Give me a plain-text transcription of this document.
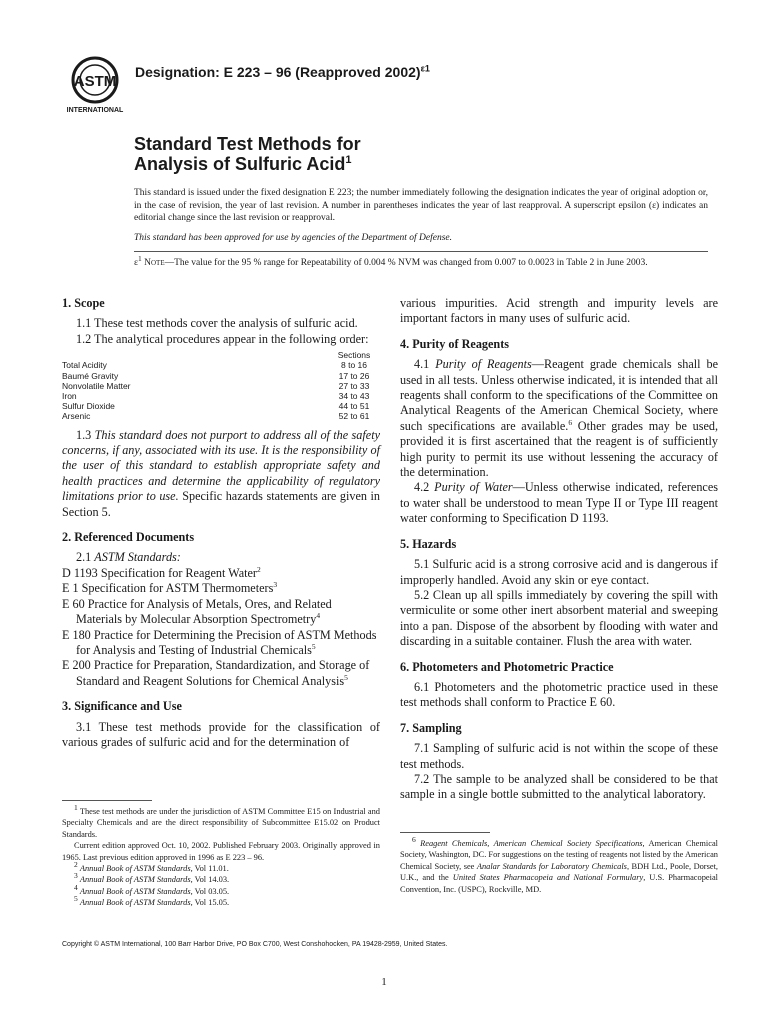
ASTM
INTERNATIONAL
Designation: E 223 – 96 (Reapproved 2002)$^{\varepsilon 1}$
Standard Test Methods for
Analysis of Sulfuric Acid$^1$
This standard is issued under the fixed designation E 223; the number immediately following the designation indicates the year of original adoption or, in the case of revision, the year of last revision. A number in parentheses indicates the year of last reapproval. A superscript epsilon (ε) indicates an editorial change since the last revision or reapproval.
This standard has been approved for use by agencies of the Department of Defense.
$\varepsilon^1$ Note—The value for the 95 % range for Repeatability of 0.004 % NVM was changed from 0.007 to 0.0023 in Table 2 in June 2003.
1. Scope
1.1 These test methods cover the analysis of sulfuric acid.
1.2 The analytical procedures appear in the following order:
Sections
Total Acidity	8 to 16
Baumé Gravity	17 to 26
Nonvolatile Matter	27 to 33
Iron	34 to 43
Sulfur Dioxide	44 to 51
Arsenic	52 to 61
1.3 This standard does not purport to address all of the safety concerns, if any, associated with its use. It is the responsibility of the user of this standard to establish appropriate safety and health practices and determine the applicability of regulatory limitations prior to use. Specific hazards statements are given in Section 5.
2. Referenced Documents
2.1 ASTM Standards:
D 1193 Specification for Reagent Water$^2$
E 1 Specification for ASTM Thermometers$^3$
E 60 Practice for Analysis of Metals, Ores, and Related Materials by Molecular Absorption Spectrometry$^4$
E 180 Practice for Determining the Precision of ASTM Methods for Analysis and Testing of Industrial Chemicals$^5$
E 200 Practice for Preparation, Standardization, and Storage of Standard and Reagent Solutions for Chemical Analysis$^5$
3. Significance and Use
3.1 These test methods provide for the classification of various grades of sulfuric acid and for the determination of
various impurities. Acid strength and impurity levels are important factors in many uses of sulfuric acid.
4. Purity of Reagents
4.1 Purity of Reagents—Reagent grade chemicals shall be used in all tests. Unless otherwise indicated, it is intended that all reagents shall conform to the specifications of the Committee on Analytical Reagents of the American Chemical Society, where such specifications are available.$^6$ Other grades may be used, provided it is first ascertained that the reagent is of sufficiently high purity to permit its use without lessening the accuracy of the determination.
4.2 Purity of Water—Unless otherwise indicated, references to water shall be understood to mean Type II or Type III reagent water conforming to Specification D 1193.
5. Hazards
5.1 Sulfuric acid is a strong corrosive acid and is dangerous if improperly handled. Avoid any skin or eye contact.
5.2 Clean up all spills immediately by covering the spill with vermiculite or some other inert absorbent material and sweeping into a pan. Dispose of the absorbent by flooding with water and discarding in a suitable container. Flush the area with water.
6. Photometers and Photometric Practice
6.1 Photometers and the photometric practice used in these test methods shall conform to Practice E 60.
7. Sampling
7.1 Sampling of sulfuric acid is not within the scope of these test methods.
7.2 The sample to be analyzed shall be considered to be that sample in a single bottle submitted to the analytical laboratory.

$^1$ These test methods are under the jurisdiction of ASTM Committee E15 on Industrial and Specialty Chemicals and are the direct responsibility of Subcommittee E15.02 on Product Standards.

Current edition approved Oct. 10, 2002. Published February 2003. Originally approved in 1965. Last previous edition approved in 1996 as E 223 – 96.

$^2$ Annual Book of ASTM Standards, Vol 11.01.

$^3$ Annual Book of ASTM Standards, Vol 14.03.

$^4$ Annual Book of ASTM Standards, Vol 03.05.

$^5$ Annual Book of ASTM Standards, Vol 15.05.

$^6$ Reagent Chemicals, American Chemical Society Specifications, American Chemical Society, Washington, DC. For suggestions on the testing of reagents not listed by the American Chemical Society, see Analar Standards for Laboratory Chemicals, BDH Ltd., Poole, Dorset, U.K., and the United States Pharmacopeia and National Formulary, U.S. Pharmacopeial Convention, Inc. (USPC), Rockville, MD.

Copyright © ASTM International, 100 Barr Harbor Drive, PO Box C700, West Conshohocken, PA 19428-2959, United States.
1
